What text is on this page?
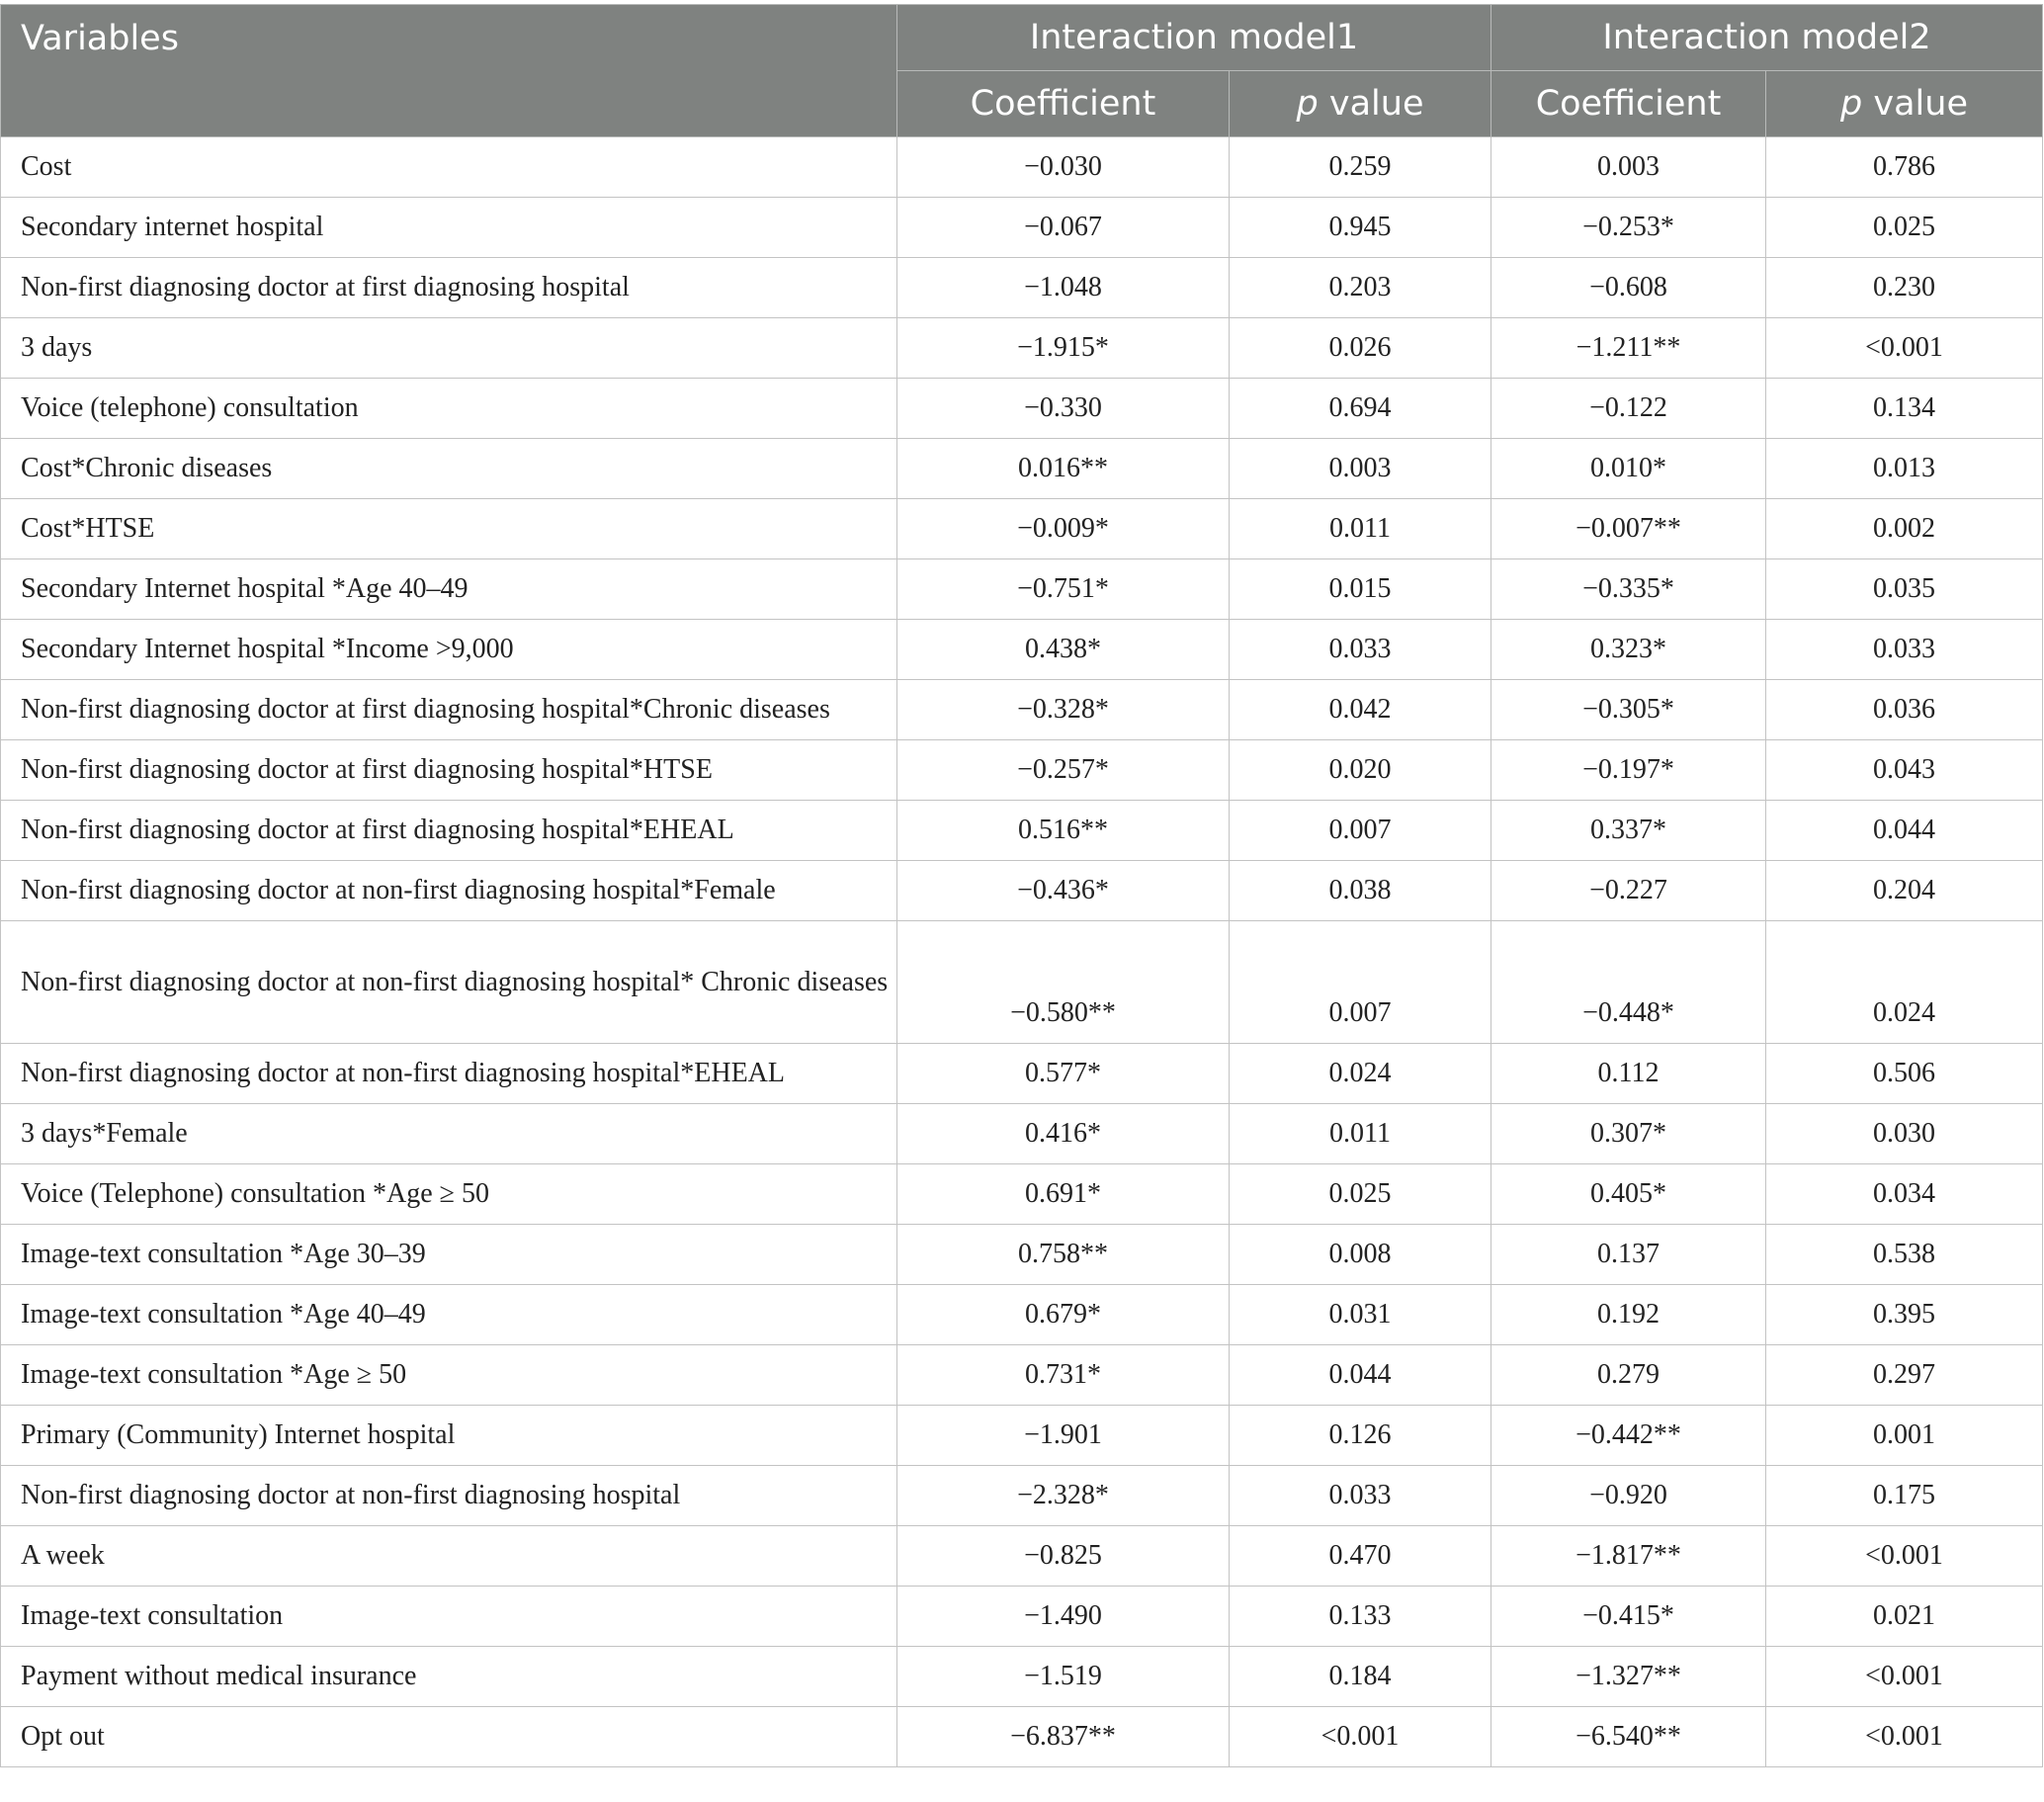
Variables	Interaction model1		Interaction model2	
	Coefficient	p value	Coefficient	p value
Cost	−0.030	0.259	0.003	0.786
Secondary internet hospital	−0.067	0.945	−0.253*	0.025
Non-first diagnosing doctor at first diagnosing hospital	−1.048	0.203	−0.608	0.230
3 days	−1.915*	0.026	−1.211**	<0.001
Voice (telephone) consultation	−0.330	0.694	−0.122	0.134
Cost*Chronic diseases	0.016**	0.003	0.010*	0.013
Cost*HTSE	−0.009*	0.011	−0.007**	0.002
Secondary Internet hospital *Age 40–49	−0.751*	0.015	−0.335*	0.035
Secondary Internet hospital *Income >9,000	0.438*	0.033	0.323*	0.033
Non-first diagnosing doctor at first diagnosing hospital*Chronic diseases	−0.328*	0.042	−0.305*	0.036
Non-first diagnosing doctor at first diagnosing hospital*HTSE	−0.257*	0.020	−0.197*	0.043
Non-first diagnosing doctor at first diagnosing hospital*EHEAL	0.516**	0.007	0.337*	0.044
Non-first diagnosing doctor at non-first diagnosing hospital*Female	−0.436*	0.038	−0.227	0.204
Non-first diagnosing doctor at non-first diagnosing hospital* Chronic diseases	−0.580**	0.007	−0.448*	0.024
Non-first diagnosing doctor at non-first diagnosing hospital*EHEAL	0.577*	0.024	0.112	0.506
3 days*Female	0.416*	0.011	0.307*	0.030
Voice (Telephone) consultation *Age ≥ 50	0.691*	0.025	0.405*	0.034
Image-text consultation *Age 30–39	0.758**	0.008	0.137	0.538
Image-text consultation *Age 40–49	0.679*	0.031	0.192	0.395
Image-text consultation *Age ≥ 50	0.731*	0.044	0.279	0.297
Primary (Community) Internet hospital	−1.901	0.126	−0.442**	0.001
Non-first diagnosing doctor at non-first diagnosing hospital	−2.328*	0.033	−0.920	0.175
A week	−0.825	0.470	−1.817**	<0.001
Image-text consultation	−1.490	0.133	−0.415*	0.021
Payment without medical insurance	−1.519	0.184	−1.327**	<0.001
Opt out	−6.837**	<0.001	−6.540**	<0.001
